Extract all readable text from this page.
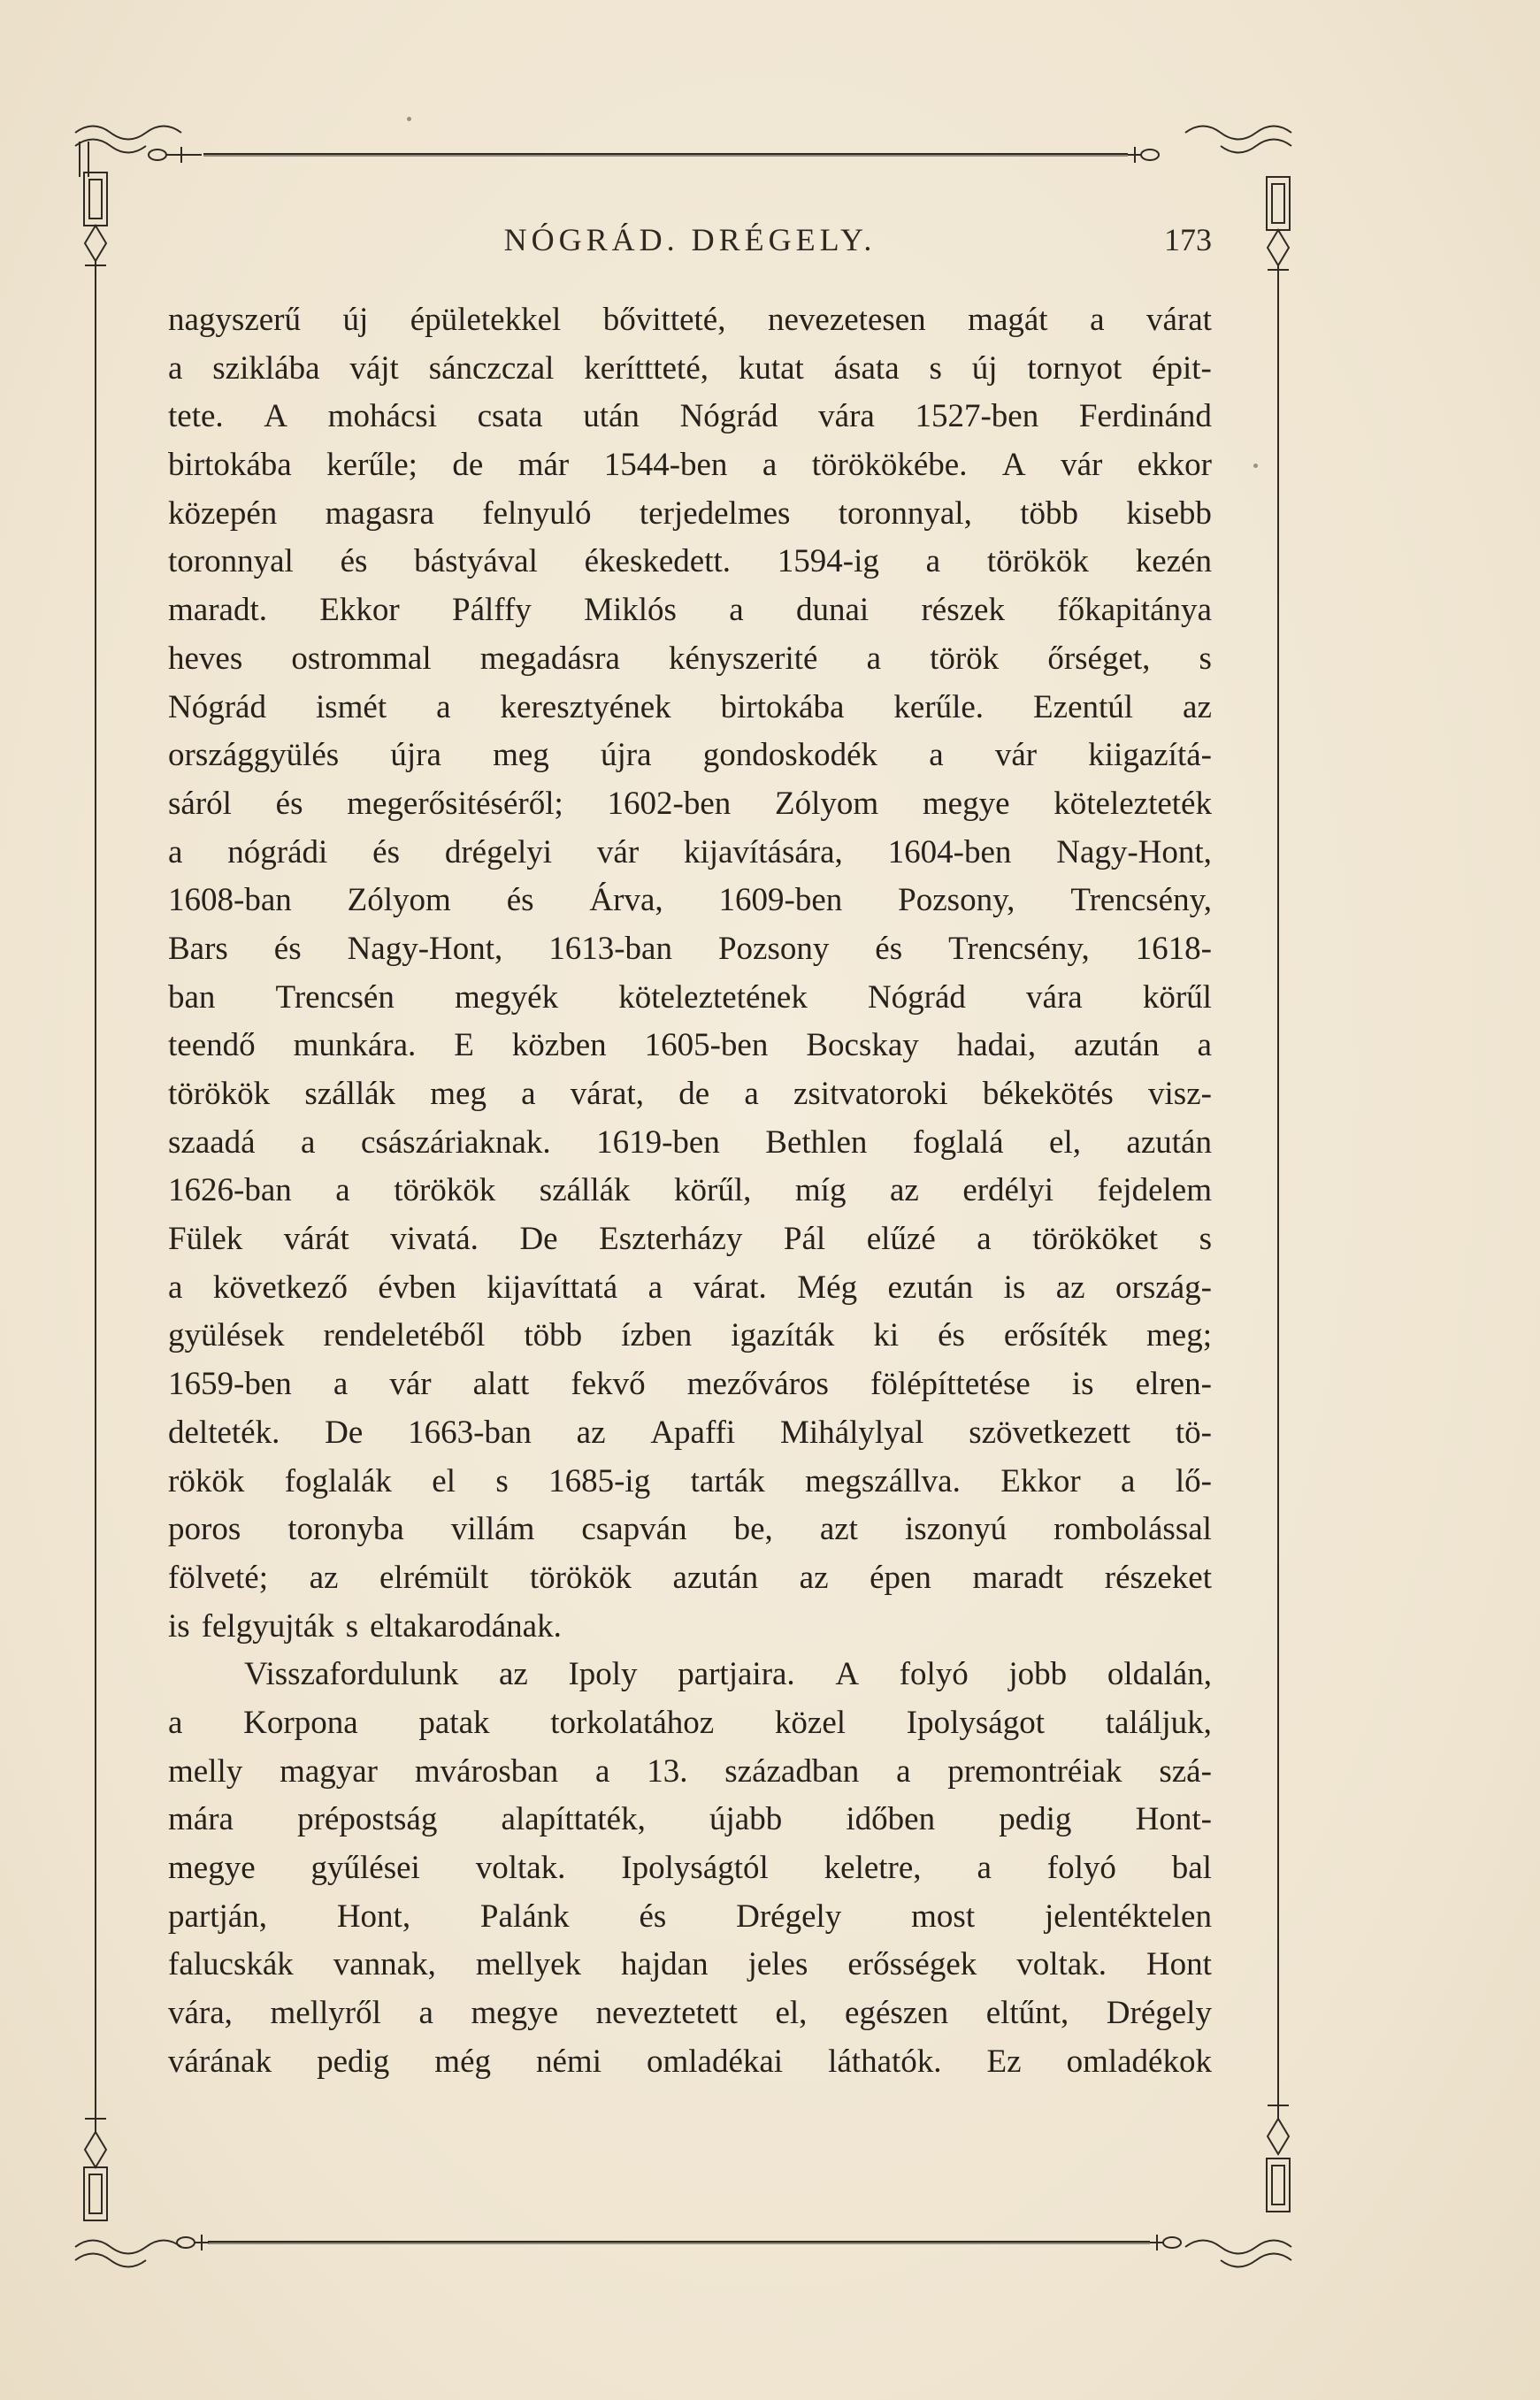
NÓGRÁD. DRÉGELY.	173
nagyszerű új épületekkel bővitteté, nevezetesen magát a várat
a sziklába vájt sánczczal keríttteté, kutat ásata s új tornyot épit-
tete. A mohácsi csata után Nógrád vára 1527-ben Ferdinánd
birtokába kerűle; de már 1544-ben a törökökébe. A vár ekkor
közepén magasra felnyuló terjedelmes toronnyal, több kisebb
toronnyal és bástyával ékeskedett. 1594-ig a törökök kezén
maradt. Ekkor Pálffy Miklós a dunai részek főkapitánya
heves ostrommal megadásra kényszerité a török őrséget, s
Nógrád ismét a keresztyének birtokába kerűle. Ezentúl az
országgyülés újra meg újra gondoskodék a vár kiigazítá-
sáról és megerősitéséről; 1602-ben Zólyom megye kötelezteték
a nógrádi és drégelyi vár kijavítására, 1604-ben Nagy-Hont,
1608-ban Zólyom és Árva, 1609-ben Pozsony, Trencsény,
Bars és Nagy-Hont, 1613-ban Pozsony és Trencsény, 1618-
ban Trencsén megyék köteleztetének Nógrád vára körűl
teendő munkára. E közben 1605-ben Bocskay hadai, azután a
törökök szállák meg a várat, de a zsitvatoroki békekötés visz-
szaadá a császáriaknak. 1619-ben Bethlen foglalá el, azután
1626-ban a törökök szállák körűl, míg az erdélyi fejdelem
Fülek várát vivatá. De Eszterházy Pál elűzé a törököket s
a következő évben kijavíttatá a várat. Még ezután is az ország-
gyülések rendeletéből több ízben igazíták ki és erősíték meg;
1659-ben a vár alatt fekvő mezőváros fölépíttetése is elren-
delteték. De 1663-ban az Apaffi Mihálylyal szövetkezett tö-
rökök foglalák el s 1685-ig tarták megszállva. Ekkor a lő-
poros toronyba villám csapván be, azt iszonyú rombolással
fölveté; az elrémült törökök azután az épen maradt részeket
is felgyujták s eltakarodának.
Visszafordulunk az Ipoly partjaira. A folyó jobb oldalán,
a Korpona patak torkolatához közel Ipolyságot találjuk,
melly magyar mvárosban a 13. században a premontréiak szá-
mára prépostság alapíttaték, újabb időben pedig Hont-
megye gyűlései voltak. Ipolyságtól keletre, a folyó bal
partján, Hont, Palánk és Drégely most jelentéktelen
falucskák vannak, mellyek hajdan jeles erősségek voltak. Hont
vára, mellyről a megye neveztetett el, egészen eltűnt, Drégely
várának pedig még némi omladékai láthatók. Ez omladékok
